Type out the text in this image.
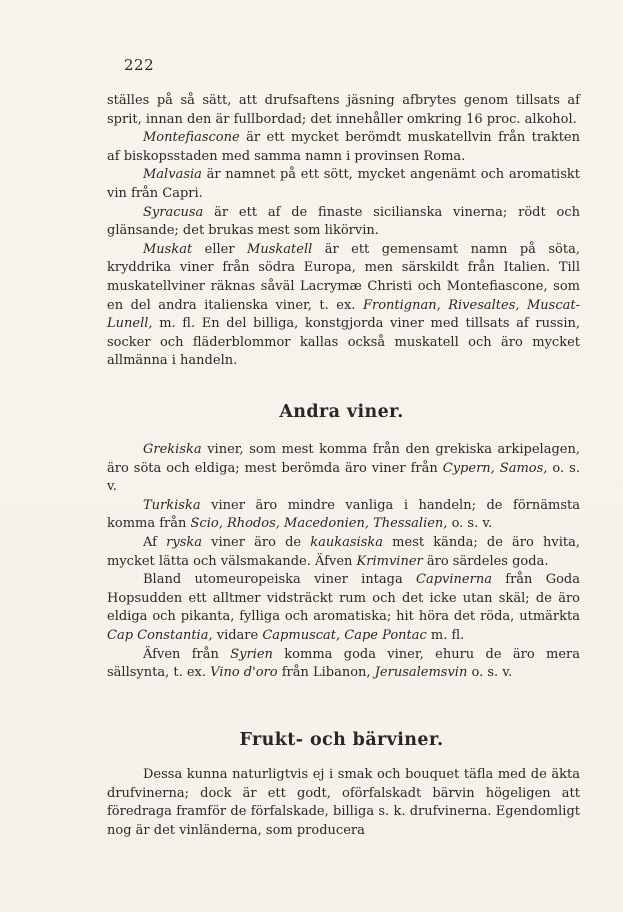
222

ställes på så sätt, att drufsaftens jäsning afbrytes genom tillsats af sprit, innan den är fullbordad; det innehåller omkring 16 proc. alkohol.

Montefiascone är ett mycket berömdt muskatellvin från trakten af biskopsstaden med samma namn i provinsen Roma.

Malvasia är namnet på ett sött, mycket angenämt och aromatiskt vin från Capri.

Syracusa är ett af de finaste sicilianska vinerna; rödt och glänsande; det brukas mest som likörvin.

Muskat eller Muskatell är ett gemensamt namn på söta, kryddrika viner från södra Europa, men särskildt från Italien. Till muskatellviner räknas såväl Lacrymæ Christi och Montefiascone, som en del andra italienska viner, t. ex. Frontignan, Rivesaltes, Muscat-Lunell, m. fl. En del billiga, konstgjorda viner med tillsats af russin, socker och fläderblommor kallas också muskatell och äro mycket allmänna i handeln.

Andra viner.

Grekiska viner, som mest komma från den grekiska arkipelagen, äro söta och eldiga; mest berömda äro viner från Cypern, Samos, o. s. v.

Turkiska viner äro mindre vanliga i handeln; de förnämsta komma från Scio, Rhodos, Macedonien, Thessalien, o. s. v.

Af ryska viner äro de kaukasiska mest kända; de äro hvita, mycket lätta och välsmakande. Äfven Krimviner äro särdeles goda.

Bland utomeuropeiska viner intaga Capvinerna från Goda Hopsudden ett alltmer vidsträckt rum och det icke utan skäl; de äro eldiga och pikanta, fylliga och aromatiska; hit höra det röda, utmärkta Cap Constantia, vidare Capmuscat, Cape Pontac m. fl.

Äfven från Syrien komma goda viner, ehuru de äro mera sällsynta, t. ex. Vino d'oro från Libanon, Jerusalemsvin o. s. v.

Frukt- och bärviner.

Dessa kunna naturligtvis ej i smak och bouquet täfla med de äkta drufvinerna; dock är ett godt, oförfalskadt bärvin högeligen att föredraga framför de förfalskade, billiga s. k. drufvinerna. Egendomligt nog är det vinländerna, som producera
